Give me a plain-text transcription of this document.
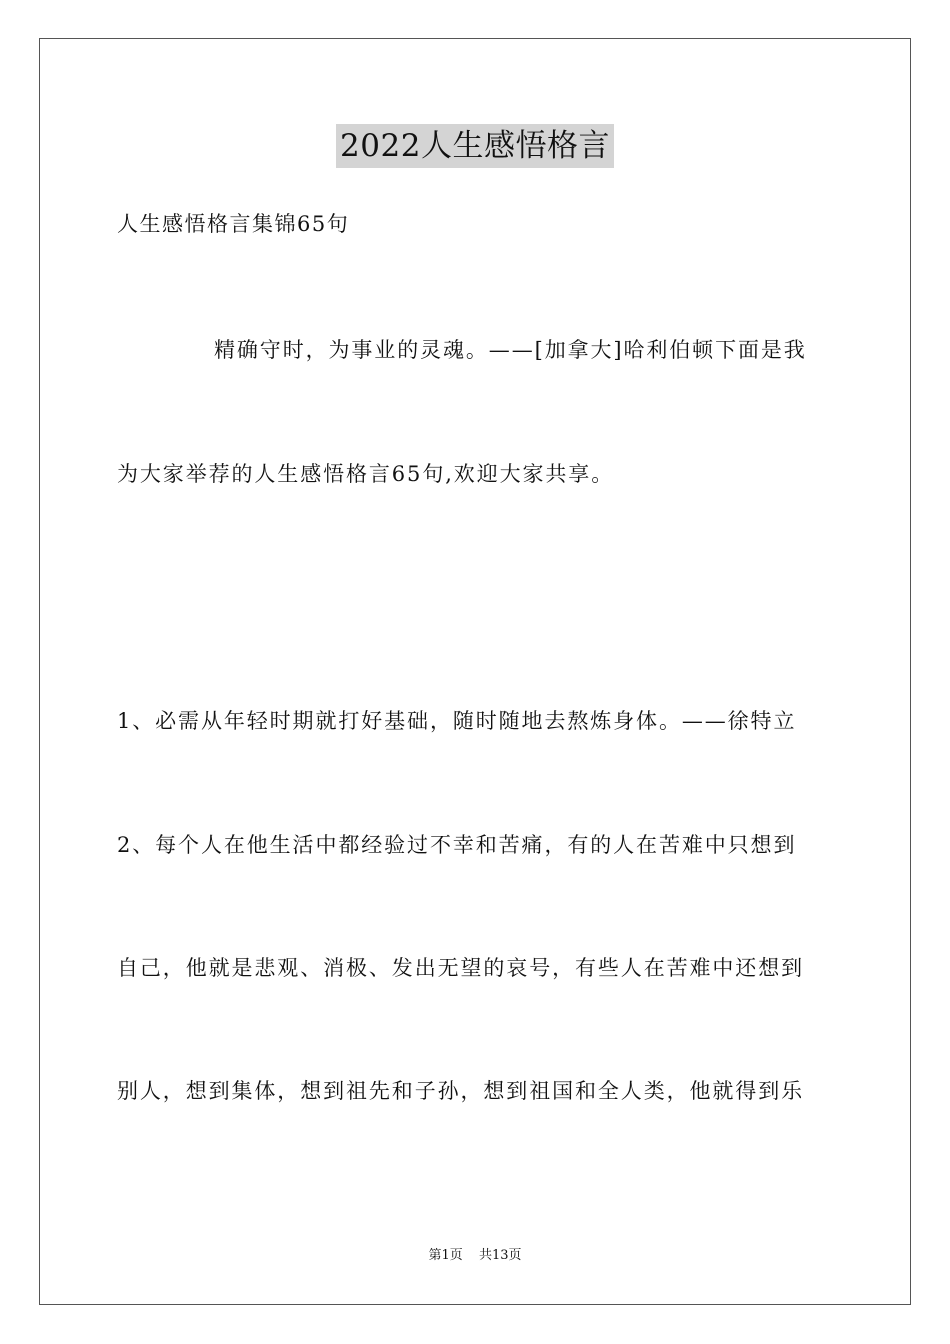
2022人生感悟格言
人生感悟格言集锦65句
精确守时，为事业的灵魂。——[加拿大]哈利伯顿下面是我
为大家举荐的人生感悟格言65句,欢迎大家共享。
1、必需从年轻时期就打好基础，随时随地去熬炼身体。——徐特立
2、每个人在他生活中都经验过不幸和苦痛，有的人在苦难中只想到
自己，他就是悲观、消极、发出无望的哀号，有些人在苦难中还想到
别人，想到集体，想到祖先和子孙，想到祖国和全人类，他就得到乐
第1页 共13页
